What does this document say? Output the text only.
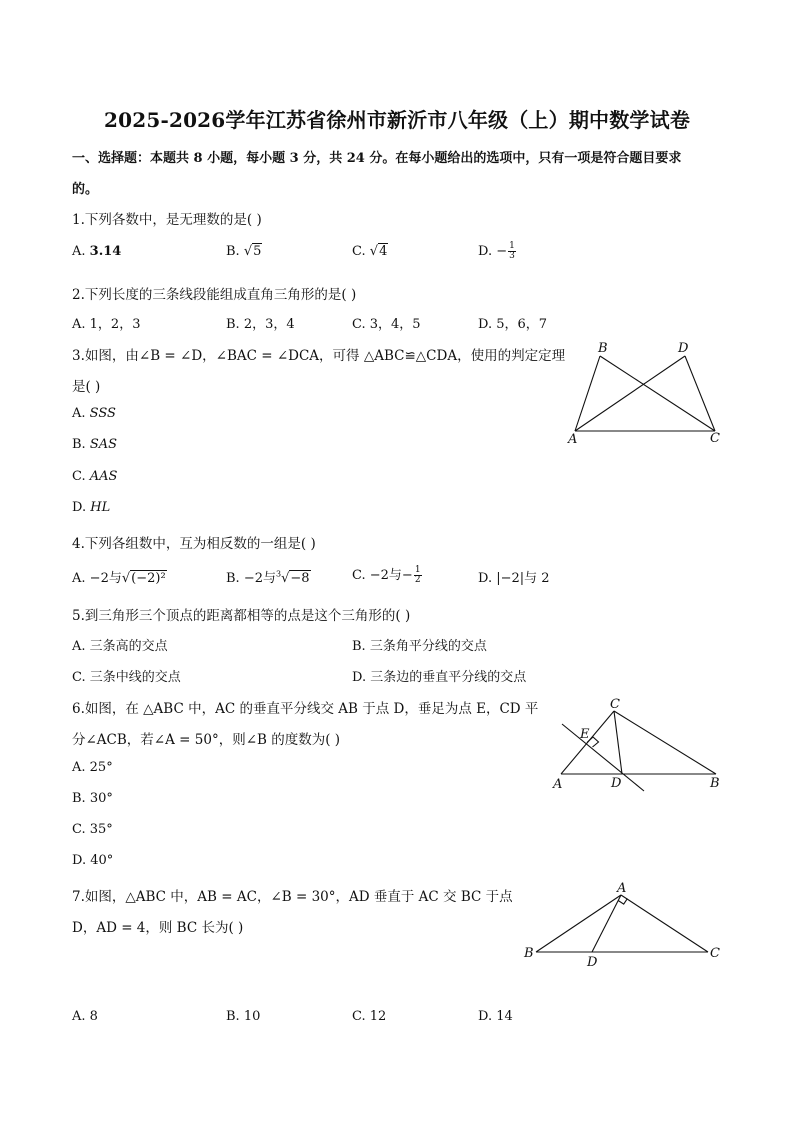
2025-2026学年江苏省徐州市新沂市八年级（上）期中数学试卷
一、选择题：本题共 8 小题，每小题 3 分，共 24 分。在每小题给出的选项中，只有一项是符合题目要求
的。
1.下列各数中，是无理数的是( )
A. 3.14	B. √5	C. √4	D. − $\frac{1}{3}$
2.下列长度的三条线段能组成直角三角形的是( )
A. 1，2，3	B. 2，3，4	C. 3，4，5	D. 5，6，7
3.如图，由∠B = ∠D，∠BAC = ∠DCA，可得 △ABC≌△CDA，使用的判定定理
是( )
A. SSS
B. SAS
C. AAS
D. HL
B	D
A	C
4.下列各组数中，互为相反数的一组是( )
A. −2与√(−2)²	B. −2与$^3$√−8	C. −2与− $\frac{1}{2}$	D. |−2|与 2
5.到三角形三个顶点的距离都相等的点是这个三角形的( )
A. 三条高的交点	B. 三条角平分线的交点
C. 三条中线的交点	D. 三条边的垂直平分线的交点
6.如图，在 △ABC 中，AC 的垂直平分线交 AB 于点 D，垂足为点 E，CD 平
分∠ACB，若∠A = 50°，则∠B 的度数为( )
A. 25°
B. 30°
C. 35°
D. 40°
C
E
A	D	B
7.如图，△ABC 中，AB = AC，∠B = 30°，AD 垂直于 AC 交 BC 于点
D，AD = 4，则 BC 长为( )
A. 8	B. 10	C. 12	D. 14
A
B
D
C
